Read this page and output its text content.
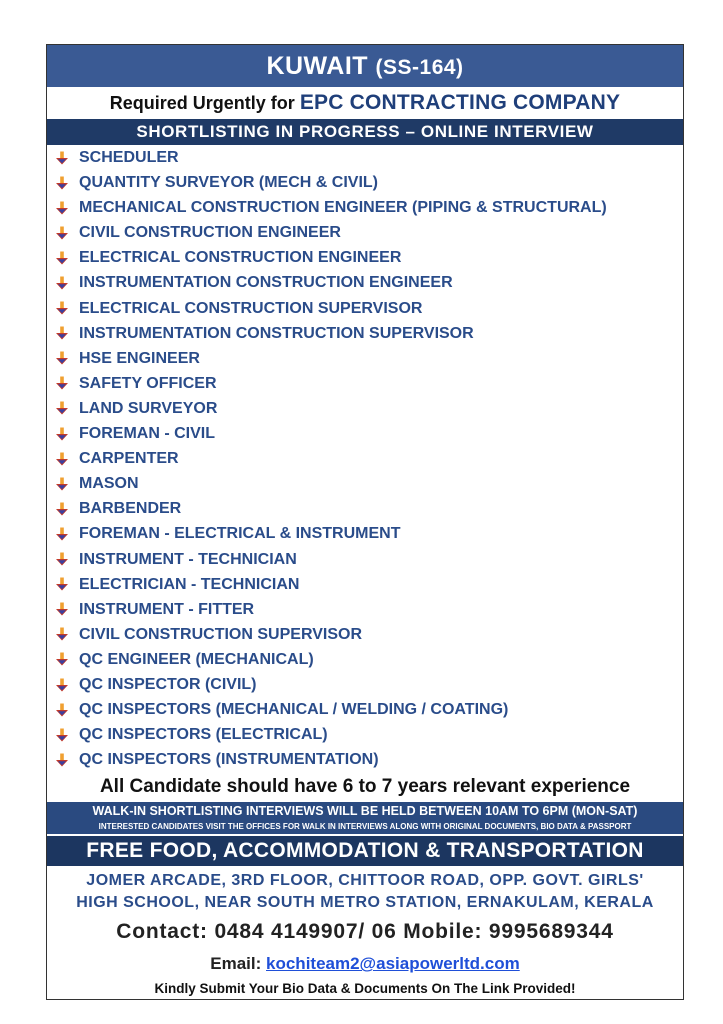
KUWAIT (SS-164)
Required Urgently for EPC CONTRACTING COMPANY
SHORTLISTING IN PROGRESS – ONLINE INTERVIEW
SCHEDULER
QUANTITY SURVEYOR (MECH & CIVIL)
MECHANICAL CONSTRUCTION ENGINEER (PIPING & STRUCTURAL)
CIVIL CONSTRUCTION ENGINEER
ELECTRICAL CONSTRUCTION ENGINEER
INSTRUMENTATION CONSTRUCTION ENGINEER
ELECTRICAL CONSTRUCTION SUPERVISOR
INSTRUMENTATION CONSTRUCTION SUPERVISOR
HSE ENGINEER
SAFETY OFFICER
LAND SURVEYOR
FOREMAN - CIVIL
CARPENTER
MASON
BARBENDER
FOREMAN - ELECTRICAL & INSTRUMENT
INSTRUMENT - TECHNICIAN
ELECTRICIAN - TECHNICIAN
INSTRUMENT - FITTER
CIVIL CONSTRUCTION SUPERVISOR
QC ENGINEER (MECHANICAL)
QC INSPECTOR (CIVIL)
QC INSPECTORS (MECHANICAL / WELDING / COATING)
QC INSPECTORS (ELECTRICAL)
QC INSPECTORS (INSTRUMENTATION)
All Candidate should have 6 to 7 years relevant experience
WALK-IN SHORTLISTING INTERVIEWS WILL BE HELD BETWEEN 10AM TO 6PM (MON-SAT)
INTERESTED CANDIDATES VISIT THE OFFICES FOR WALK IN INTERVIEWS ALONG WITH ORIGINAL DOCUMENTS, BIO DATA & PASSPORT
FREE FOOD, ACCOMMODATION & TRANSPORTATION
JOMER ARCADE, 3RD FLOOR, CHITTOOR ROAD, OPP. GOVT. GIRLS'
HIGH SCHOOL, NEAR SOUTH METRO STATION, ERNAKULAM, KERALA
Contact: 0484 4149907/ 06 Mobile: 9995689344
Email: kochiteam2@asiapowerltd.com
Kindly Submit Your Bio Data & Documents On The Link Provided!
